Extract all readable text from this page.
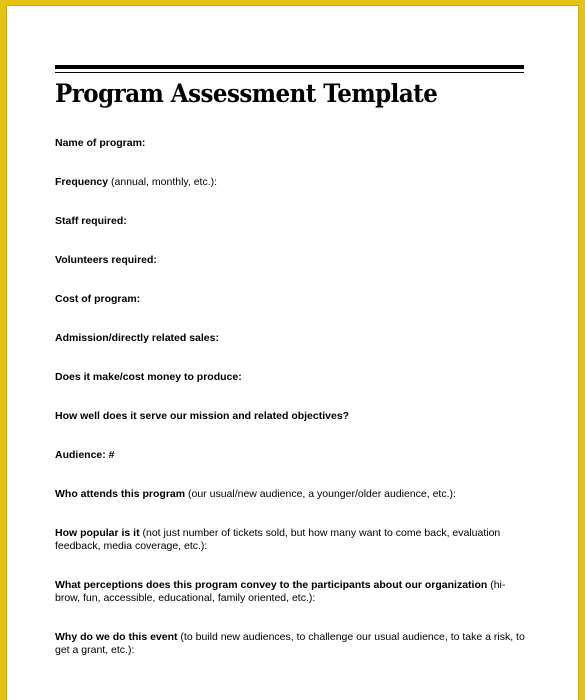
Program Assessment Template

Name of program:

Frequency (annual, monthly, etc.):

Staff required:

Volunteers required:

Cost of program:

Admission/directly related sales:

Does it make/cost money to produce:

How well does it serve our mission and related objectives?

Audience: #

Who attends this program (our usual/new audience, a younger/older audience, etc.):

How popular is it (not just number of tickets sold, but how many want to come back, evaluation feedback, media coverage, etc.):

What perceptions does this program convey to the participants about our organization (hi-brow, fun, accessible, educational, family oriented, etc.):

Why do we do this event (to build new audiences, to challenge our usual audience, to take a risk, to get a grant, etc.):
